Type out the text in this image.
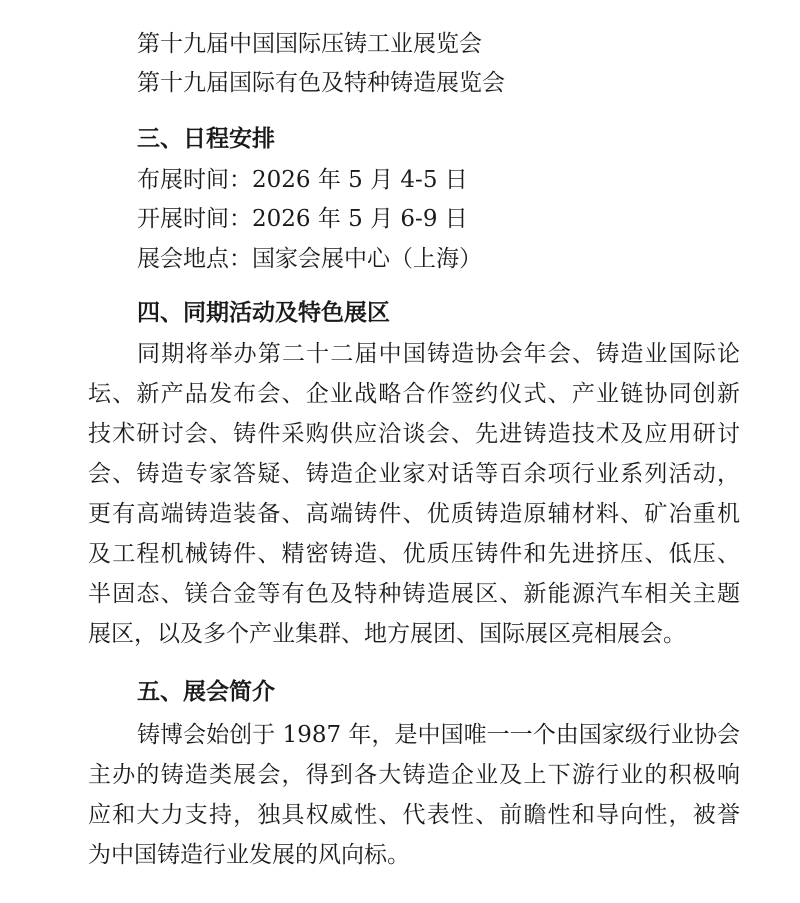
第十九届中国国际压铸工业展览会
第十九届国际有色及特种铸造展览会
三、日程安排
布展时间：2026 年 5 月 4-5 日
开展时间：2026 年 5 月 6-9 日
展会地点：国家会展中心（上海）
四、同期活动及特色展区
同期将举办第二十二届中国铸造协会年会、铸造业国际论
坛、新产品发布会、企业战略合作签约仪式、产业链协同创新
技术研讨会、铸件采购供应洽谈会、先进铸造技术及应用研讨
会、铸造专家答疑、铸造企业家对话等百余项行业系列活动，
更有高端铸造装备、高端铸件、优质铸造原辅材料、矿冶重机
及工程机械铸件、精密铸造、优质压铸件和先进挤压、低压、
半固态、镁合金等有色及特种铸造展区、新能源汽车相关主题
展区，以及多个产业集群、地方展团、国际展区亮相展会。
五、展会简介
铸博会始创于 1987 年，是中国唯一一个由国家级行业协会
主办的铸造类展会，得到各大铸造企业及上下游行业的积极响
应和大力支持，独具权威性、代表性、前瞻性和导向性，被誉
为中国铸造行业发展的风向标。
